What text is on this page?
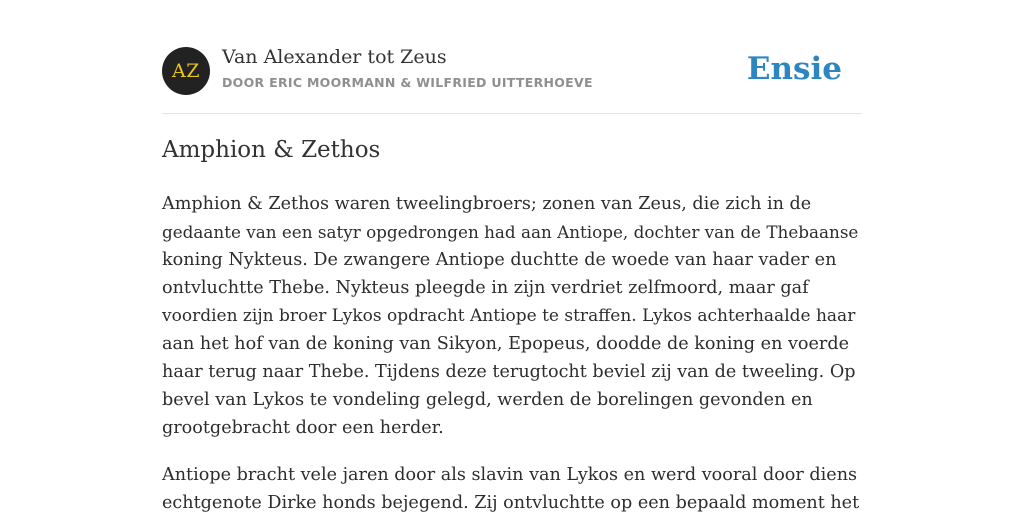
AZ
Van Alexander tot Zeus
DOOR ERIC MOORMANN & WILFRIED UITTERHOEVE	Ensie
Amphion & Zethos

Amphion & Zethos waren tweelingbroers; zonen van Zeus, die zich in de
gedaante van een satyr opgedrongen had aan Antiope, dochter van de Thebaanse
koning Nykteus. De zwangere Antiope duchtte de woede van haar vader en
ontvluchtte Thebe. Nykteus pleegde in zijn verdriet zelfmoord, maar gaf
voordien zijn broer Lykos opdracht Antiope te straffen. Lykos achterhaalde haar
aan het hof van de koning van Sikyon, Epopeus, doodde de koning en voerde
haar terug naar Thebe. Tijdens deze terugtocht beviel zij van de tweeling. Op
bevel van Lykos te vondeling gelegd, werden de borelingen gevonden en
grootgebracht door een herder.

Antiope bracht vele jaren door als slavin van Lykos en werd vooral door diens
echtgenote Dirke honds bejegend. Zij ontvluchtte op een bepaald moment het
